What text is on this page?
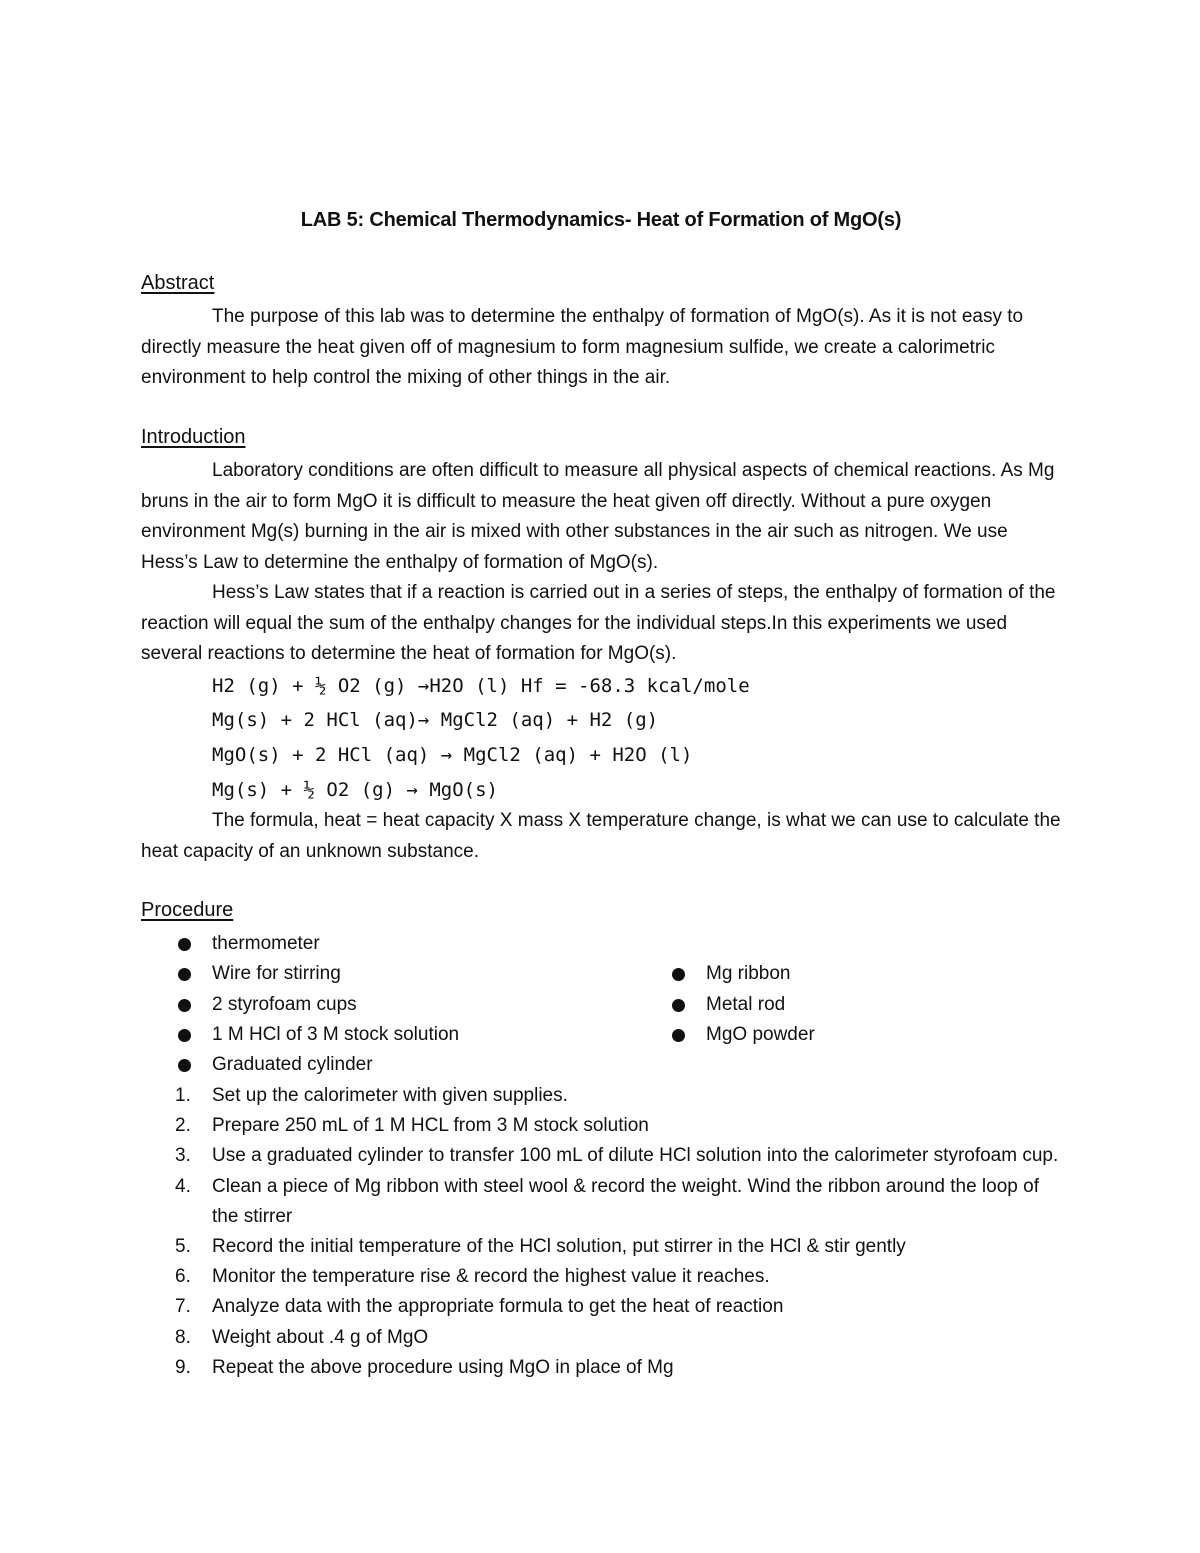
LAB 5: Chemical Thermodynamics- Heat of Formation of MgO(s)
Abstract

The purpose of this lab was to determine the enthalpy of formation of MgO(s). As it is not easy to directly measure the heat given off of magnesium to form magnesium sulfide, we create a calorimetric environment to help control the mixing of other things in the air.

Introduction

Laboratory conditions are often difficult to measure all physical aspects of chemical reactions. As Mg bruns in the air to form MgO it is difficult to measure the heat given off directly. Without a pure oxygen environment Mg(s) burning in the air is mixed with other substances in the air such as nitrogen. We use Hess’s Law to determine the enthalpy of formation of MgO(s).

Hess’s Law states that if a reaction is carried out in a series of steps, the enthalpy of formation of the reaction will equal the sum of the enthalpy changes for the individual steps.In this experiments we used several reactions to determine the heat of formation for MgO(s).

H2 (g) + ½ O2 (g) →H2O (l) Hf = -68.3 kcal/mole
Mg(s) + 2 HCl (aq)→ MgCl2 (aq) + H2 (g)
MgO(s) + 2 HCl (aq) → MgCl2 (aq) + H2O (l)
Mg(s) + ½ O2 (g) → MgO(s)

The formula, heat = heat capacity X mass X temperature change, is what we can use to calculate the heat capacity of an unknown substance.

Procedure
thermometer
Wire for stirring
2 styrofoam cups
1 M HCl of 3 M stock solution
Graduated cylinder
Mg ribbon
Metal rod
MgO powder
1. Set up the calorimeter with given supplies.
2. Prepare 250 mL of 1 M HCL from 3 M stock solution
3. Use a graduated cylinder to transfer 100 mL of dilute HCl solution into the calorimeter styrofoam cup.
4. Clean a piece of Mg ribbon with steel wool & record the weight. Wind the ribbon around the loop of the stirrer
5. Record the initial temperature of the HCl solution, put stirrer in the HCl & stir gently
6. Monitor the temperature rise & record the highest value it reaches.
7. Analyze data with the appropriate formula to get the heat of reaction
8. Weight about .4 g of MgO
9. Repeat the above procedure using MgO in place of Mg
